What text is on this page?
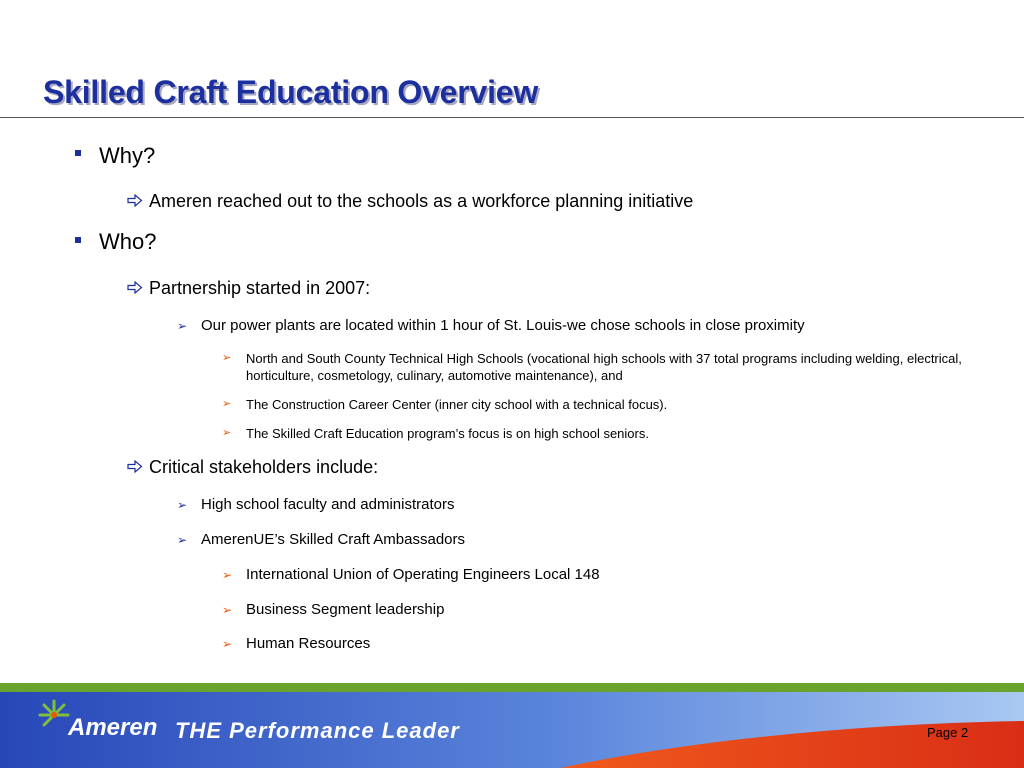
Skilled Craft Education Overview
Why?
Ameren reached out to the schools as a workforce planning initiative
Who?
Partnership started in 2007:
➢ Our power plants are located within 1 hour of St. Louis-we chose schools in close proximity
➢ North and South County Technical High Schools (vocational high schools with 37 total programs including welding, electrical, horticulture, cosmetology, culinary, automotive maintenance), and
➢ The Construction Career Center (inner city school with a technical focus).
➢ The Skilled Craft Education program’s focus is on high school seniors.
Critical stakeholders include:
➢ High school faculty and administrators
➢ AmerenUE’s Skilled Craft Ambassadors
➢ International Union of Operating Engineers Local 148
➢ Business Segment leadership
➢ Human Resources
Ameren THE Performance Leader	Page 2
